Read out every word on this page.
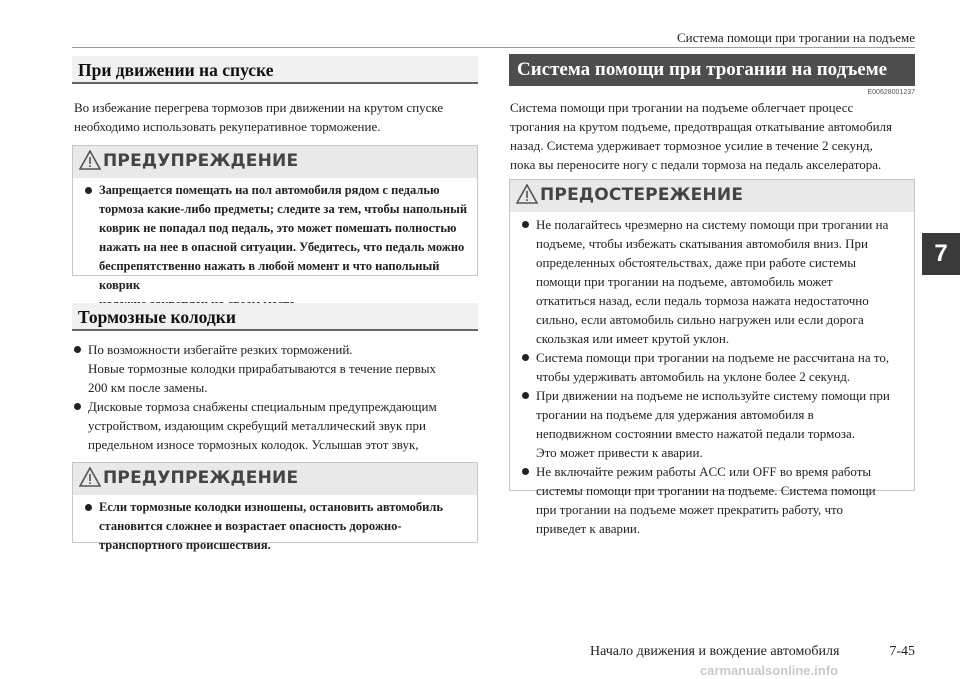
Система помощи при трогании на подъеме
При движении на спуске
Во избежание перегрева тормозов при движении на крутом спуске
необходимо использовать рекуперативное торможение.
ПРЕДУПРЕЖДЕНИЕ
Запрещается помещать на пол автомобиля рядом с педалью
тормоза какие-либо предметы; следите за тем, чтобы напольный
коврик не попадал под педаль, это может помешать полностью
нажать на нее в опасной ситуации. Убедитесь, что педаль можно
беспрепятственно нажать в любой момент и что напольный коврик
Тормозные колодки
По возможности избегайте резких торможений.
Новые тормозные колодки прирабатываются в течение первых
200 км после замены.
Дисковые тормоза снабжены специальным предупреждающим
устройством, издающим скребущий металлический звук при
предельном износе тормозных колодок. Услышав этот звук,
ПРЕДУПРЕЖДЕНИЕ
Если тормозные колодки изношены, остановить автомобиль
становится сложнее и возрастает опасность дорожно-
транспортного происшествия.
Система помощи при трогании на подъеме
E00628001237
Система помощи при трогании на подъеме облегчает процесс
трогания на крутом подъеме, предотвращая откатывание автомобиля
назад. Система удерживает тормозное усилие в течение 2 секунд,
пока вы переносите ногу с педали тормоза на педаль акселератора.
ПРЕДОСТЕРЕЖЕНИЕ
Не полагайтесь чрезмерно на систему помощи при трогании на
подъеме, чтобы избежать скатывания автомобиля вниз. При
определенных обстоятельствах, даже при работе системы
помощи при трогании на подъеме, автомобиль может
откатиться назад, если педаль тормоза нажата недостаточно
сильно, если автомобиль сильно нагружен или если дорога
скользкая или имеет крутой уклон.
Система помощи при трогании на подъеме не рассчитана на то,
чтобы удерживать автомобиль на уклоне более 2 секунд.
При движении на подъеме не используйте систему помощи при
трогании на подъеме для удержания автомобиля в
неподвижном состоянии вместо нажатой педали тормоза.
Это может привести к аварии.
Не включайте режим работы ACC или OFF во время работы
системы помощи при трогании на подъеме. Система помощи
при трогании на подъеме может прекратить работу, что
приведет к аварии.
7
Начало движения и вождение автомобиля	7-45
carmanualsonline.info
